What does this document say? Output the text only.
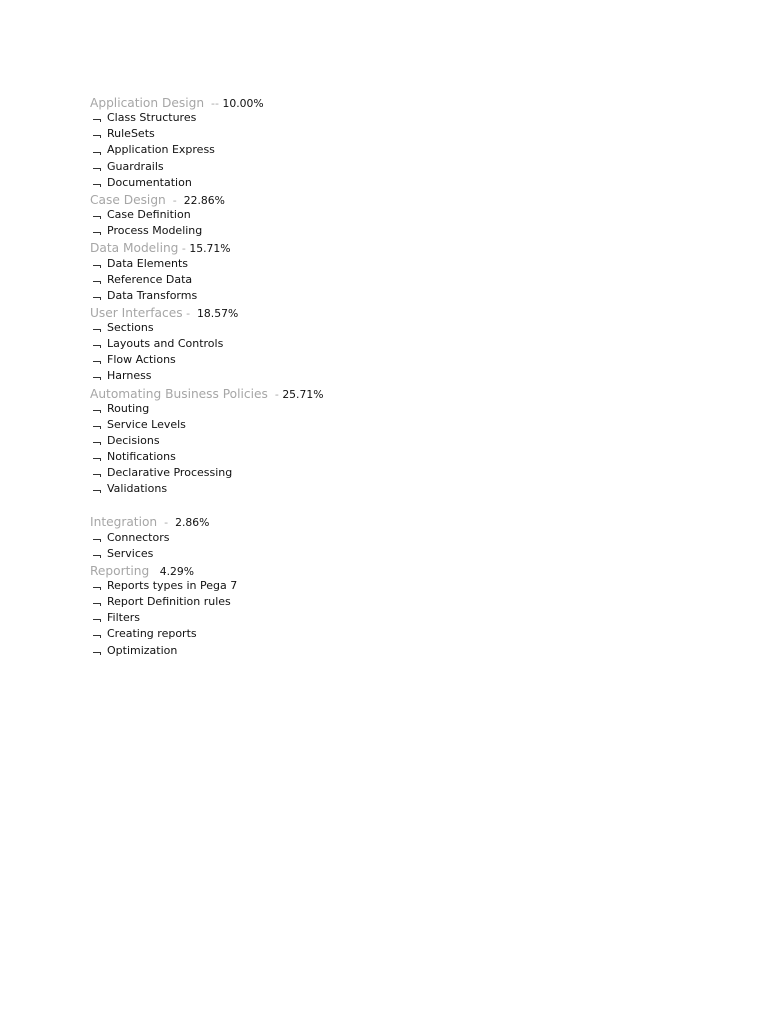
Application Design  -- 10.00%
Class Structures
RuleSets
Application Express
Guardrails
Documentation
Case Design  -  22.86%
Case Definition
Process Modeling
Data Modeling - 15.71%
Data Elements
Reference Data
Data Transforms
User Interfaces -  18.57%
Sections
Layouts and Controls
Flow Actions
Harness
Automating Business Policies  - 25.71%
Routing
Service Levels
Decisions
Notifications
Declarative Processing
Validations
Integration  -  2.86%
Connectors
Services
Reporting 4.29%
Reports types in Pega 7
Report Definition rules
Filters
Creating reports
Optimization
